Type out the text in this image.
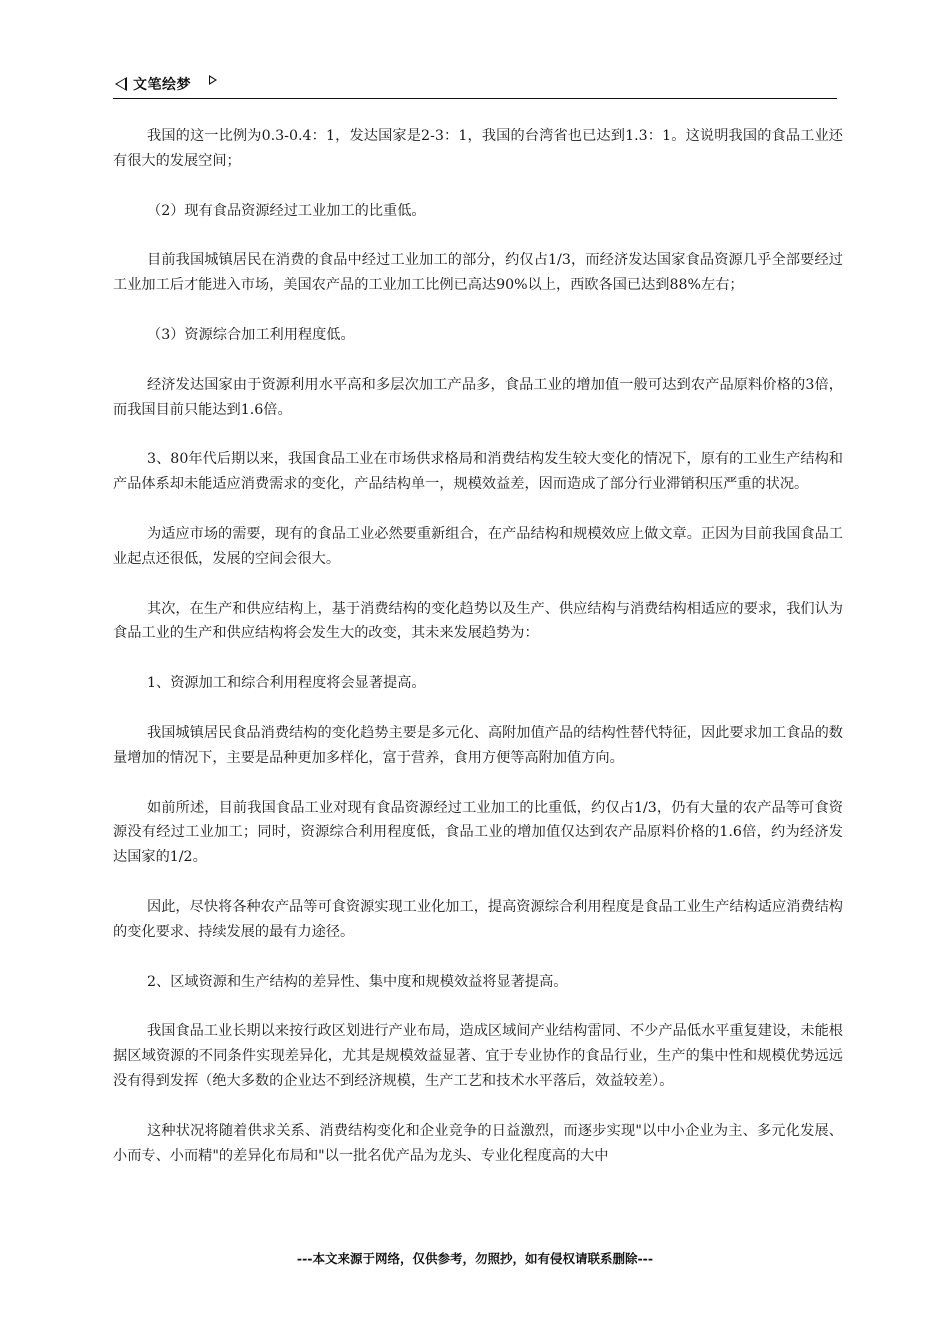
文笔绘梦

我国的这一比例为0.3-0.4：1，发达国家是2-3：1，我国的台湾省也已达到1.3：1。这说明我国的食品工业还有很大的发展空间；

（2）现有食品资源经过工业加工的比重低。

目前我国城镇居民在消费的食品中经过工业加工的部分，约仅占1/3，而经济发达国家食品资源几乎全部要经过工业加工后才能进入市场，美国农产品的工业加工比例已高达90%以上，西欧各国已达到88%左右；

（3）资源综合加工利用程度低。

经济发达国家由于资源利用水平高和多层次加工产品多，食品工业的增加值一般可达到农产品原料价格的3倍，而我国目前只能达到1.6倍。

3、80年代后期以来，我国食品工业在市场供求格局和消费结构发生较大变化的情况下，原有的工业生产结构和产品体系却未能适应消费需求的变化，产品结构单一，规模效益差，因而造成了部分行业滞销积压严重的状况。

为适应市场的需要，现有的食品工业必然要重新组合，在产品结构和规模效应上做文章。正因为目前我国食品工业起点还很低，发展的空间会很大。

其次，在生产和供应结构上，基于消费结构的变化趋势以及生产、供应结构与消费结构相适应的要求，我们认为食品工业的生产和供应结构将会发生大的改变，其未来发展趋势为：

1、资源加工和综合利用程度将会显著提高。

我国城镇居民食品消费结构的变化趋势主要是多元化、高附加值产品的结构性替代特征，因此要求加工食品的数量增加的情况下，主要是品种更加多样化，富于营养，食用方便等高附加值方向。

如前所述，目前我国食品工业对现有食品资源经过工业加工的比重低，约仅占1/3，仍有大量的农产品等可食资源没有经过工业加工；同时，资源综合利用程度低，食品工业的增加值仅达到农产品原料价格的1.6倍，约为经济发达国家的1/2。

因此，尽快将各种农产品等可食资源实现工业化加工，提高资源综合利用程度是食品工业生产结构适应消费结构的变化要求、持续发展的最有力途径。

2、区域资源和生产结构的差异性、集中度和规模效益将显著提高。

我国食品工业长期以来按行政区划进行产业布局，造成区域间产业结构雷同、不少产品低水平重复建设，未能根据区域资源的不同条件实现差异化，尤其是规模效益显著、宜于专业协作的食品行业，生产的集中性和规模优势远远没有得到发挥（绝大多数的企业达不到经济规模，生产工艺和技术水平落后，效益较差）。

这种状况将随着供求关系、消费结构变化和企业竞争的日益激烈，而逐步实现"以中小企业为主、多元化发展、小而专、小而精"的差异化布局和"以一批名优产品为龙头、专业化程度高的大中

---本文来源于网络，仅供参考，勿照抄，如有侵权请联系删除---
